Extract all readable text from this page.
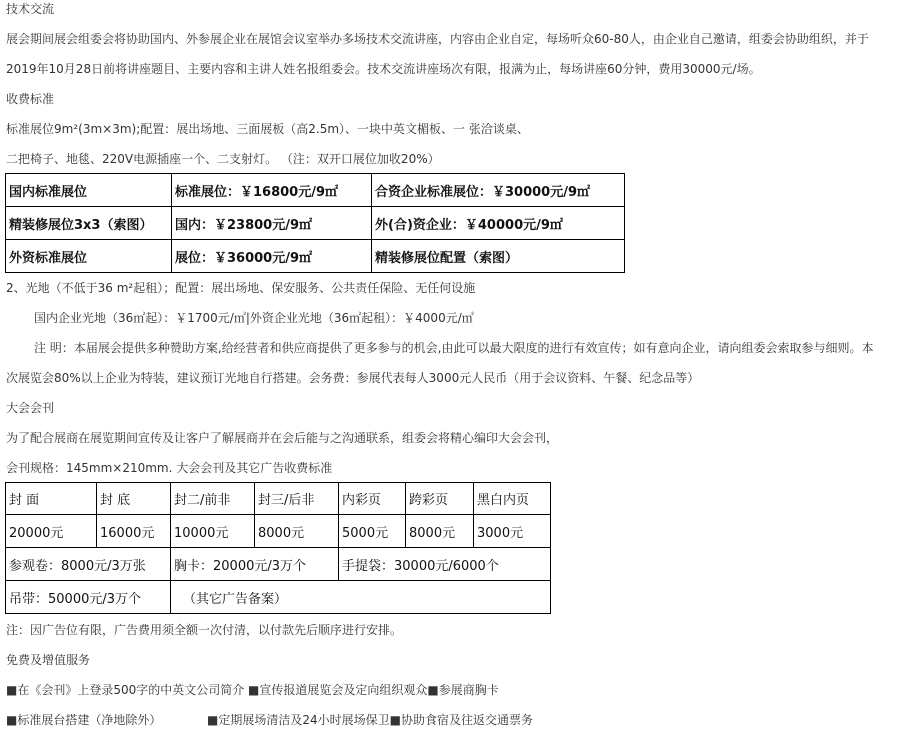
技术交流
展会期间展会组委会将协助国内、外参展企业在展馆会议室举办多场技术交流讲座，内容由企业自定，每场听众60-80人，由企业自己邀请，组委会协助组织，并于
2019年10月28日前将讲座题目、主要内容和主讲人姓名报组委会。技术交流讲座场次有限，报满为止，每场讲座60分钟，费用30000元/场。
收费标准
标准展位9m²(3m×3m);配置：展出场地、三面展板（高2.5m）、一块中英文楣板、一 张洽谈桌、
二把椅子、地毯、220V电源插座一个、二支射灯。 （注：双开口展位加收20%）
国内标准展位	标准展位：￥16800元/9㎡	合资企业标准展位：￥30000元/9㎡
精装修展位3x3（索图）	国内：￥23800元/9㎡	外(合)资企业：￥40000元/9㎡
外资标准展位	展位：￥36000元/9㎡	精装修展位配置（索图）
2、光地（不低于36 m²起租）；配置：展出场地、保安服务、公共责任保险、无任何设施
国内企业光地（36㎡起）：￥1700元/㎡|外资企业光地（36㎡起租）：￥4000元/㎡
注 明：本届展会提供多种赞助方案,给经营者和供应商提供了更多参与的机会,由此可以最大限度的进行有效宣传；如有意向企业，请向组委会索取参与细则。本
次展览会80%以上企业为特装，建议预订光地自行搭建。会务费：参展代表每人3000元人民币（用于会议资料、午餐、纪念品等）
大会会刊
为了配合展商在展览期间宣传及让客户了解展商并在会后能与之沟通联系，组委会将精心编印大会会刊，
会刊规格：145mm×210mm. 大会会刊及其它广告收费标准
封 面	封 底	封二/前非	封三/后非	内彩页	跨彩页	黑白内页
20000元	16000元	10000元	8000元	5000元	8000元	3000元
参观卷：8000元/3万张		胸卡：20000元/3万个		手提袋：30000元/6000个		
吊带：50000元/3万个		（其它广告备案）				
注：因广告位有限，广告费用须全额一次付清，以付款先后顺序进行安排。
免费及增值服务
■在《会刊》上登录500字的中英文公司简介 ■宣传报道展览会及定向组织观众■参展商胸卡
■标准展台搭建（净地除外）	■定期展场清洁及24小时展场保卫■协助食宿及往返交通票务
